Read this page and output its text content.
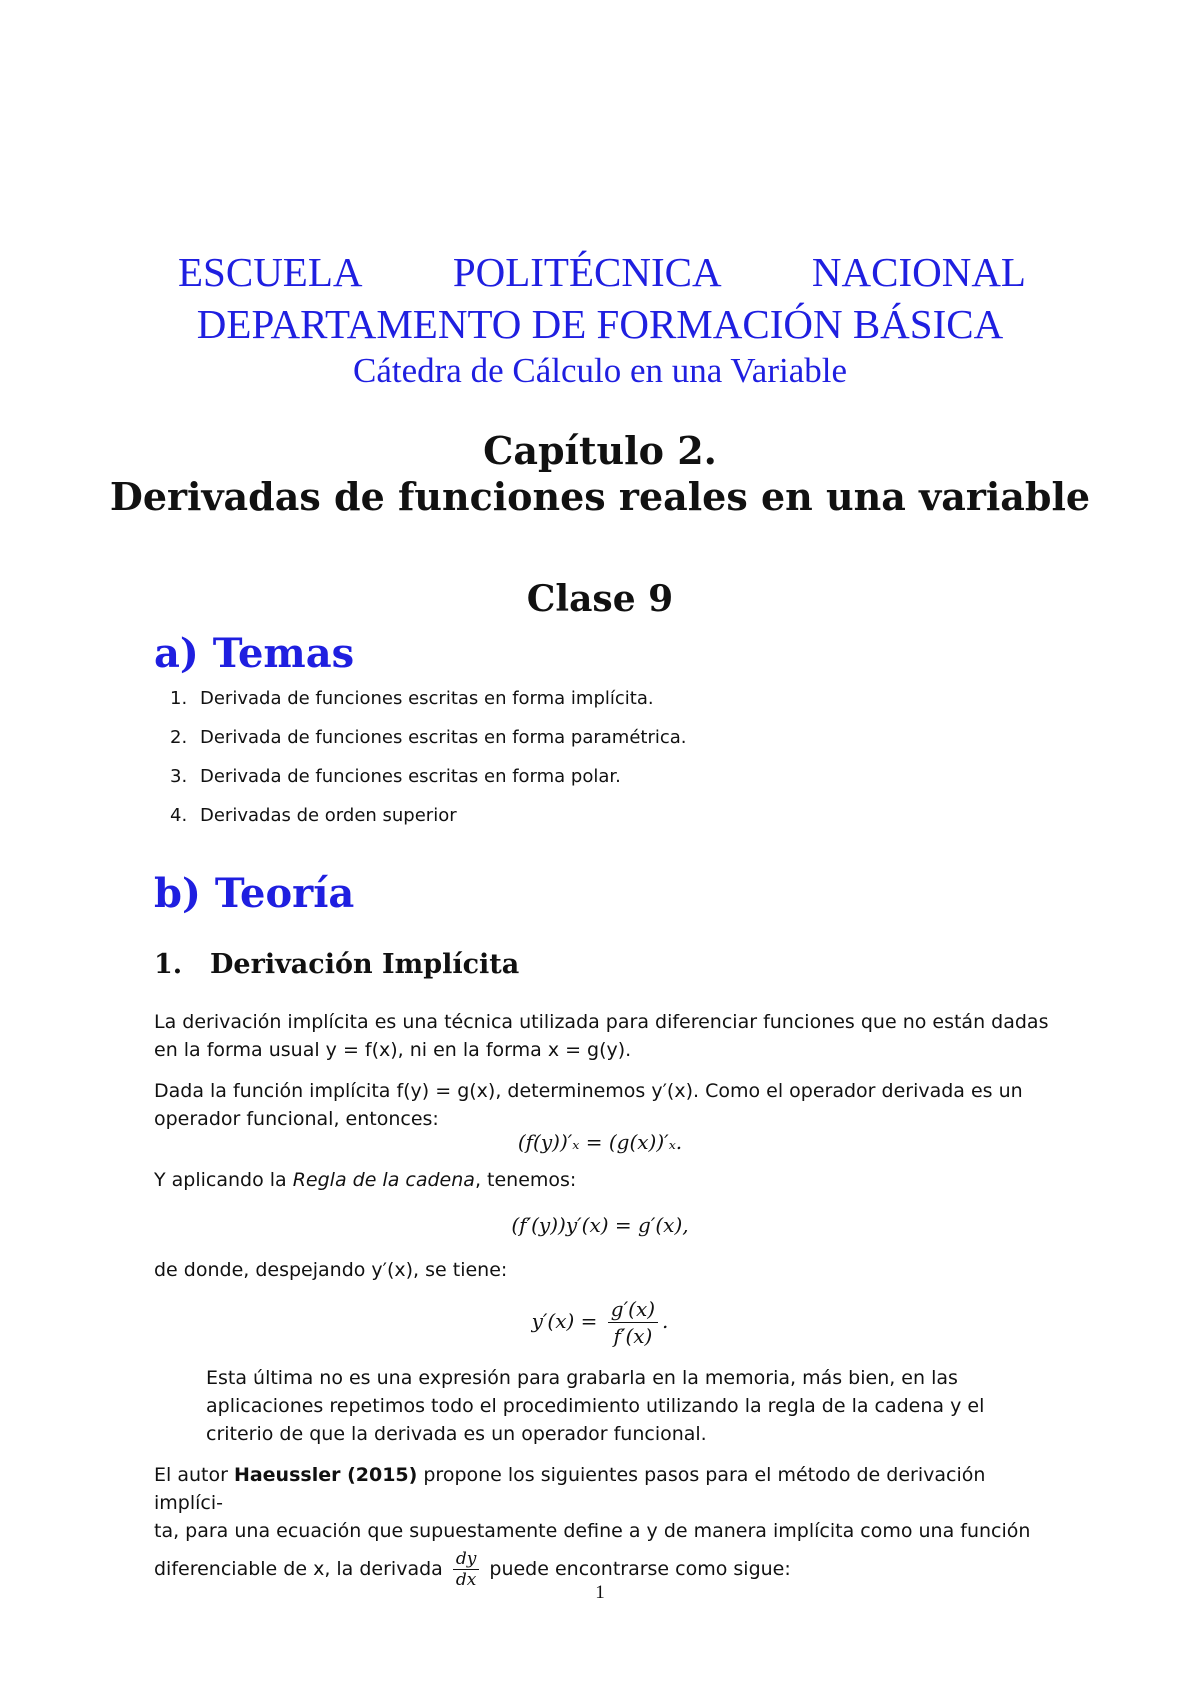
ESCUELA POLITÉCNICA NACIONAL
DEPARTAMENTO DE FORMACIÓN BÁSICA
Cátedra de Cálculo en una Variable
Capítulo 2.
Derivadas de funciones reales en una variable
Clase 9
a) Temas
1. Derivada de funciones escritas en forma implícita.
2. Derivada de funciones escritas en forma paramétrica.
3. Derivada de funciones escritas en forma polar.
4. Derivadas de orden superior
b) Teoría
1. Derivación Implícita
La derivación implícita es una técnica utilizada para diferenciar funciones que no están dadas
en la forma usual y = f(x), ni en la forma x = g(y).
Dada la función implícita f(y) = g(x), determinemos y′(x). Como el operador derivada es un
operador funcional, entonces:
(f(y))′ₓ = (g(x))′ₓ.
Y aplicando la Regla de la cadena, tenemos:
(f′(y))y′(x) = g′(x),
de donde, despejando y′(x), se tiene:
$y'(x) = \frac{g'(x)}{f'(x)}$ .
Esta última no es una expresión para grabarla en la memoria, más bien, en las
aplicaciones repetimos todo el procedimiento utilizando la regla de la cadena y el
criterio de que la derivada es un operador funcional.
El autor Haeussler (2015) propone los siguientes pasos para el método de derivación implíci-
ta, para una ecuación que supuestamente define a y de manera implícita como una función
diferenciable de x, la derivada $\frac{dy}{dx}$ puede encontrarse como sigue:
1
